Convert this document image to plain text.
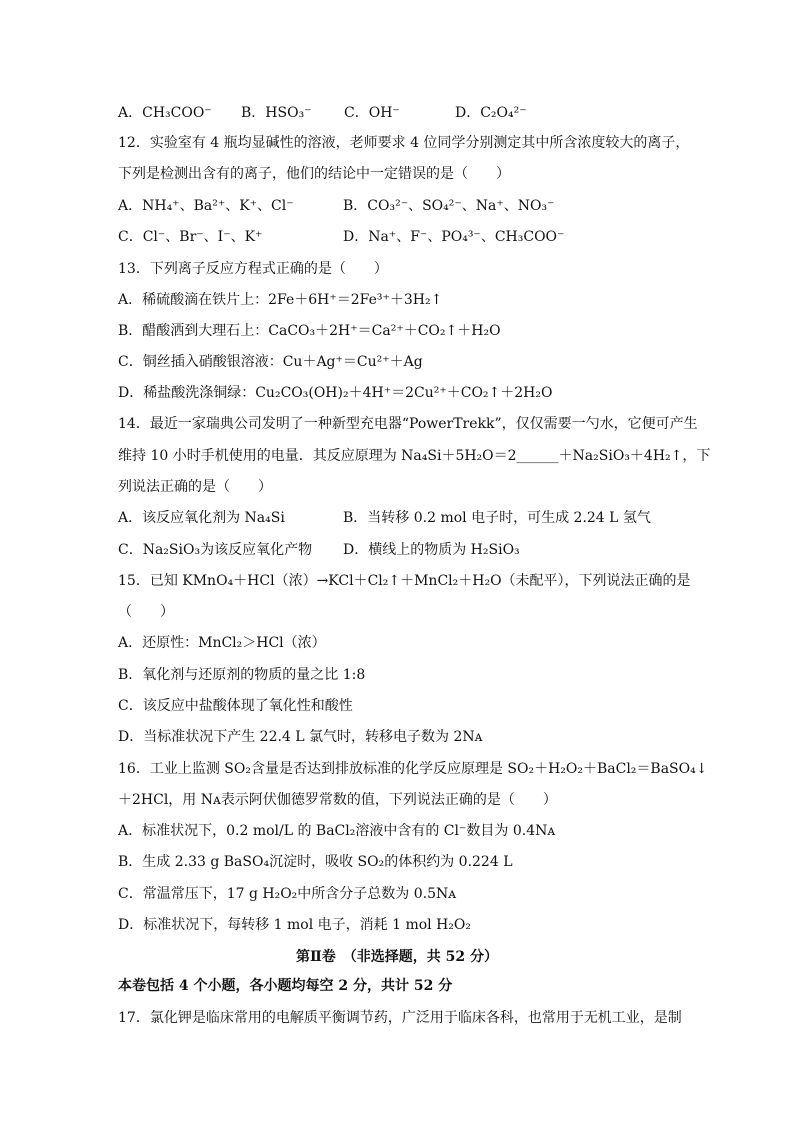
A．CH₃COO⁻ B．HSO₃⁻ C．OH⁻	D．C₂O₄²⁻
12．实验室有 4 瓶均显碱性的溶液，老师要求 4 位同学分别测定其中所含浓度较大的离子，
下列是检测出含有的离子，他们的结论中一定错误的是（　　）
A．NH₄⁺、Ba²⁺、K⁺、Cl⁻	B．CO₃²⁻、SO₄²⁻、Na⁺、NO₃⁻
C．Cl⁻、Br⁻、I⁻、K⁺	D．Na⁺、F⁻、PO₄³⁻、CH₃COO⁻
13．下列离子反应方程式正确的是（　　）
A．稀硫酸滴在铁片上：2Fe＋6H⁺＝2Fe³⁺＋3H₂↑
B．醋酸洒到大理石上：CaCO₃＋2H⁺＝Ca²⁺＋CO₂↑＋H₂O
C．铜丝插入硝酸银溶液：Cu＋Ag⁺＝Cu²⁺＋Ag
D．稀盐酸洗涤铜绿：Cu₂CO₃(OH)₂＋4H⁺＝2Cu²⁺＋CO₂↑＋2H₂O
14．最近一家瑞典公司发明了一种新型充电器“PowerTrekk”，仅仅需要一勺水，它便可产生
维持 10 小时手机使用的电量．其反应原理为 Na₄Si＋5H₂O＝2______＋Na₂SiO₃＋4H₂↑，下
列说法正确的是（　　）
A．该反应氧化剂为 Na₄Si	B．当转移 0.2 mol 电子时，可生成 2.24 L 氢气
C．Na₂SiO₃为该反应氧化产物 D．横线上的物质为 H₂SiO₃
15．已知 KMnO₄＋HCl（浓）→KCl＋Cl₂↑＋MnCl₂＋H₂O（未配平），下列说法正确的是
（　　）
A．还原性：MnCl₂＞HCl（浓）
B．氧化剂与还原剂的物质的量之比 1:8
C．该反应中盐酸体现了氧化性和酸性
D．当标准状况下产生 22.4 L 氯气时，转移电子数为 2Nᴀ
16．工业上监测 SO₂含量是否达到排放标准的化学反应原理是 SO₂＋H₂O₂＋BaCl₂＝BaSO₄↓
＋2HCl，用 Nᴀ表示阿伏伽德罗常数的值，下列说法正确的是（　　）
A．标准状况下，0.2 mol/L 的 BaCl₂溶液中含有的 Cl⁻数目为 0.4Nᴀ
B．生成 2.33 g BaSO₄沉淀时，吸收 SO₂的体积约为 0.224 L
C．常温常压下，17 g H₂O₂中所含分子总数为 0.5Nᴀ
D．标准状况下，每转移 1 mol 电子，消耗 1 mol H₂O₂
第Ⅱ卷　（非选择题，共 52 分）
本卷包括 4 个小题，各小题均每空 2 分，共计 52 分
17．氯化钾是临床常用的电解质平衡调节药，广泛用于临床各科，也常用于无机工业，是制
